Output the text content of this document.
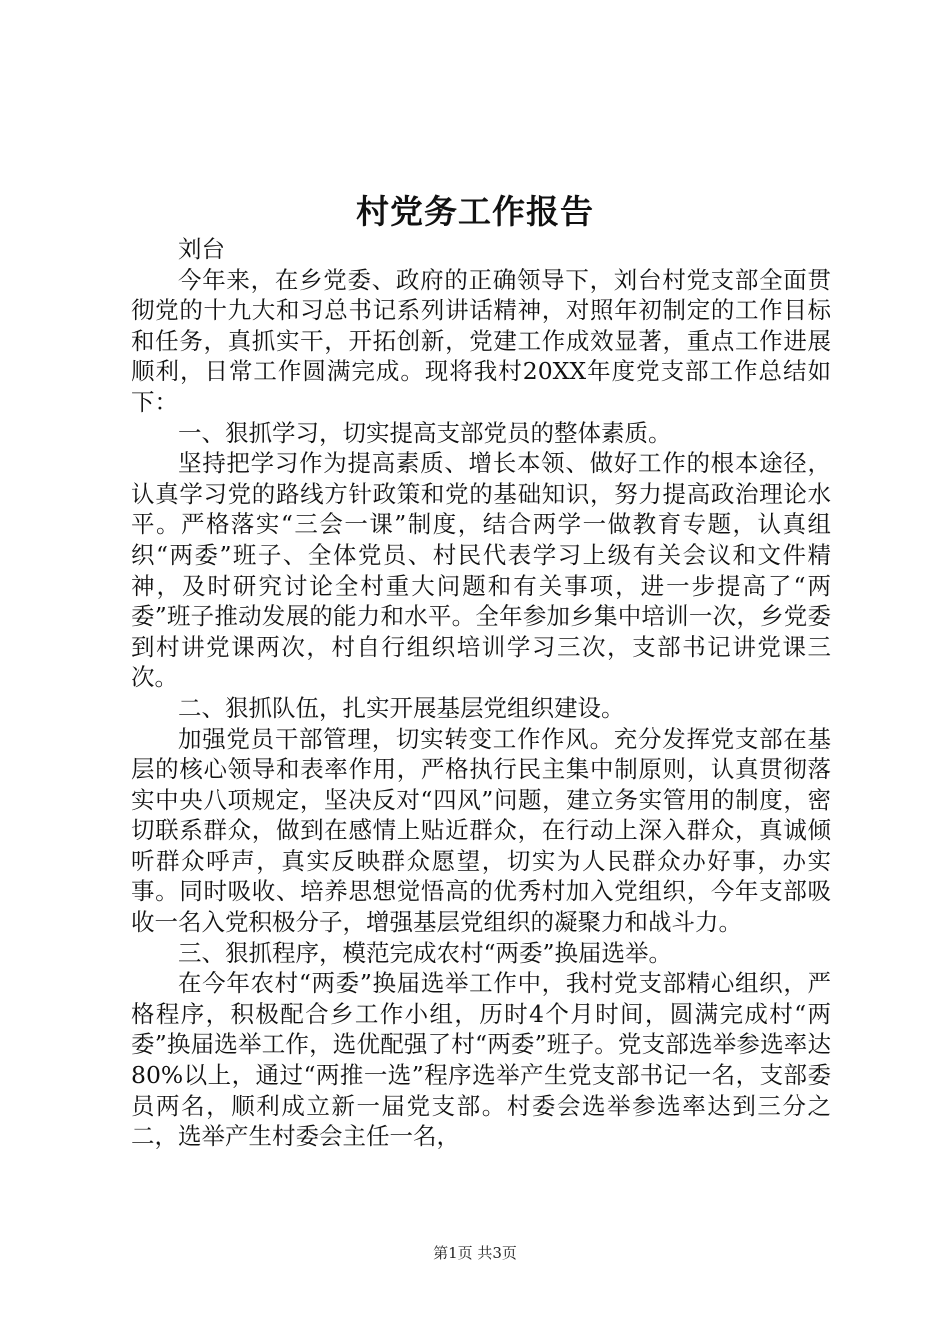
村党务工作报告

刘台

今年来，在乡党委、政府的正确领导下，刘台村党支部全面贯彻党的十九大和习总书记系列讲话精神，对照年初制定的工作目标和任务，真抓实干，开拓创新，党建工作成效显著，重点工作进展顺利，日常工作圆满完成。现将我村20XX年度党支部工作总结如下：

一、狠抓学习，切实提高支部党员的整体素质。

坚持把学习作为提高素质、增长本领、做好工作的根本途径，认真学习党的路线方针政策和党的基础知识，努力提高政治理论水平。严格落实“三会一课”制度，结合两学一做教育专题，认真组织“两委”班子、全体党员、村民代表学习上级有关会议和文件精神，及时研究讨论全村重大问题和有关事项，进一步提高了“两委”班子推动发展的能力和水平。全年参加乡集中培训一次，乡党委到村讲党课两次，村自行组织培训学习三次，支部书记讲党课三次。

二、狠抓队伍，扎实开展基层党组织建设。

加强党员干部管理，切实转变工作作风。充分发挥党支部在基层的核心领导和表率作用，严格执行民主集中制原则，认真贯彻落实中央八项规定，坚决反对“四风”问题，建立务实管用的制度，密切联系群众，做到在感情上贴近群众，在行动上深入群众，真诚倾听群众呼声，真实反映群众愿望，切实为人民群众办好事，办实事。同时吸收、培养思想觉悟高的优秀村加入党组织，今年支部吸收一名入党积极分子，增强基层党组织的凝聚力和战斗力。

三、狠抓程序，模范完成农村“两委”换届选举。

在今年农村“两委”换届选举工作中，我村党支部精心组织，严格程序，积极配合乡工作小组，历时4个月时间，圆满完成村“两委”换届选举工作，选优配强了村“两委”班子。党支部选举参选率达80%以上，通过“两推一选”程序选举产生党支部书记一名，支部委员两名，顺利成立新一届党支部。村委会选举参选率达到三分之二，选举产生村委会主任一名，

第1页 共3页
